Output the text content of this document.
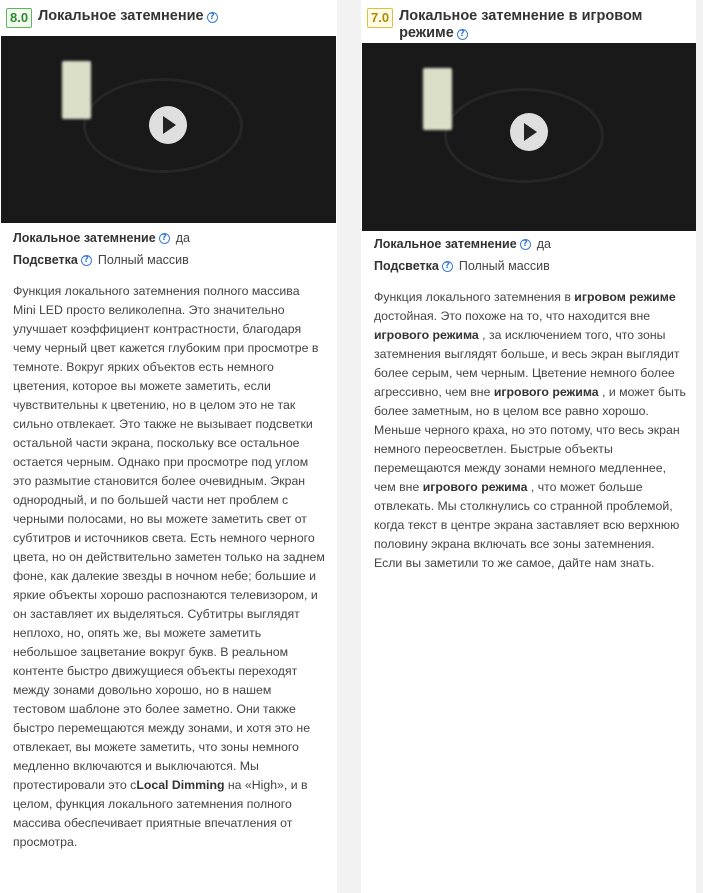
8.0 Локальное затемнение ?
Локальное затемнение ? да
Подсветка ? Полный массив

Функция локального затемнения полного массива Mini LED просто великолепна. Это значительно улучшает коэффициент контрастности, благодаря чему черный цвет кажется глубоким при просмотре в темноте. Вокруг ярких объектов есть немного цветения, которое вы можете заметить, если чувствительны к цветению, но в целом это не так сильно отвлекает. Это также не вызывает подсветки остальной части экрана, поскольку все остальное остается черным. Однако при просмотре под углом это размытие становится более очевидным. Экран однородный, и по большей части нет проблем с черными полосами, но вы можете заметить свет от субтитров и источников света. Есть немного черного цвета, но он действительно заметен только на заднем фоне, как далекие звезды в ночном небе; большие и яркие объекты хорошо распознаются телевизором, и он заставляет их выделяться. Субтитры выглядят неплохо, но, опять же, вы можете заметить небольшое зацветание вокруг букв. В реальном контенте быстро движущиеся объекты переходят между зонами довольно хорошо, но в нашем тестовом шаблоне это более заметно. Они также быстро перемещаются между зонами, и хотя это не отвлекает, вы можете заметить, что зоны немного медленно включаются и выключаются. Мы протестировали это сLocal Dimming на «High», и в целом, функция локального затемнения полного массива обеспечивает приятные впечатления от просмотра.

7.0 Локальное затемнение в игровом режиме ?
Локальное затемнение ? да
Подсветка ? Полный массив

Функция локального затемнения в игровом режиме достойная. Это похоже на то, что находится вне игрового режима , за исключением того, что зоны затемнения выглядят больше, и весь экран выглядит более серым, чем черным. Цветение немного более агрессивно, чем вне игрового режима , и может быть более заметным, но в целом все равно хорошо. Меньше черного краха, но это потому, что весь экран немного переосветлен. Быстрые объекты перемещаются между зонами немного медленнее, чем вне игрового режима , что может больше отвлекать. Мы столкнулись со странной проблемой, когда текст в центре экрана заставляет всю верхнюю половину экрана включать все зоны затемнения. Если вы заметили то же самое, дайте нам знать.
